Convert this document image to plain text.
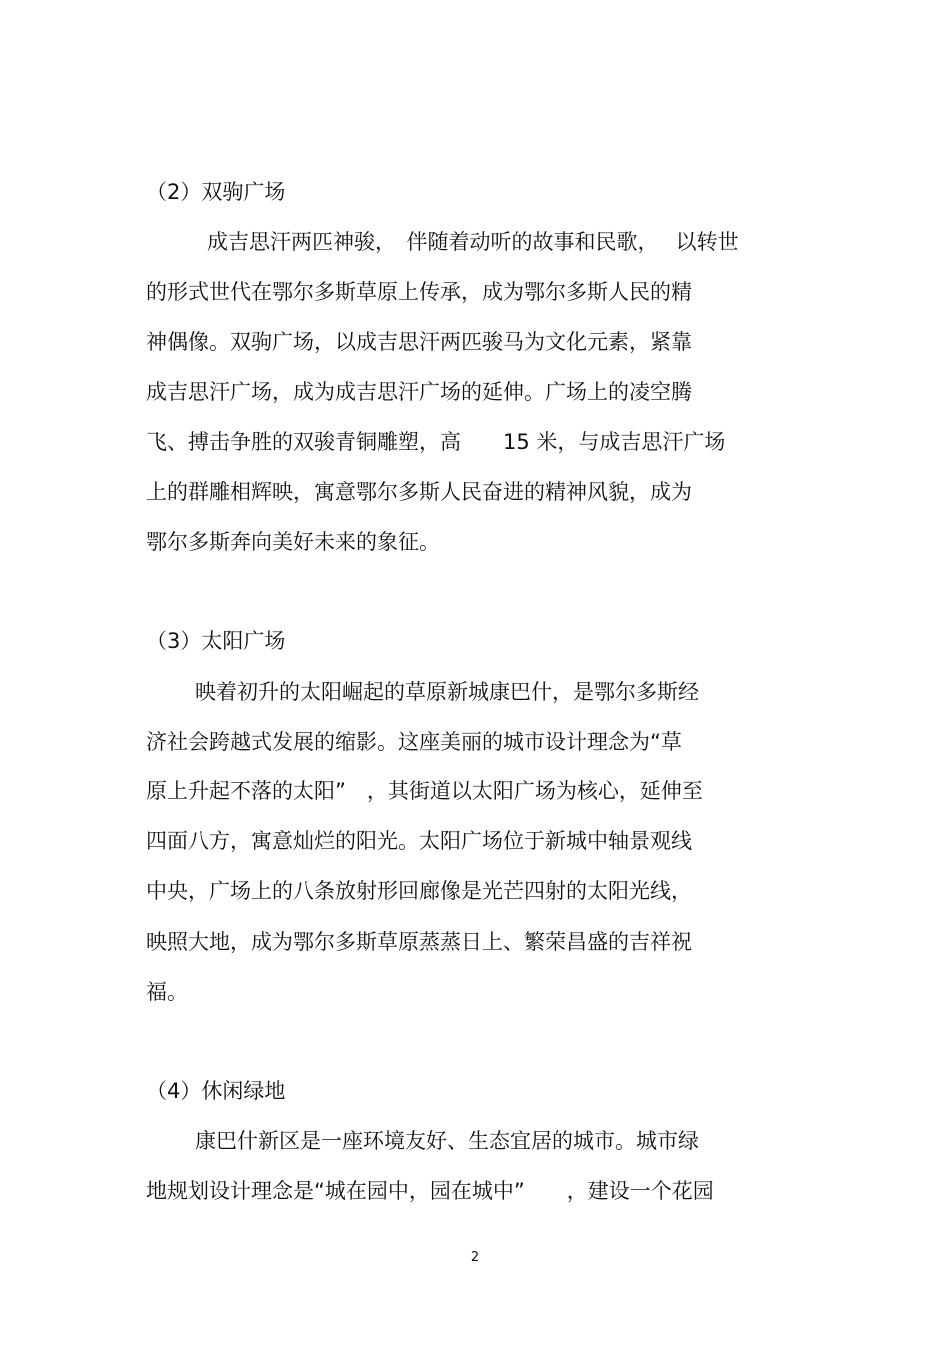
（2）双驹广场
成吉思汗两匹神骏，　伴随着动听的故事和民歌，　 以转世
的形式世代在鄂尔多斯草原上传承，成为鄂尔多斯人民的精
神偶像。双驹广场，以成吉思汗两匹骏马为文化元素，紧靠
成吉思汗广场，成为成吉思汗广场的延伸。广场上的凌空腾
飞、搏击争胜的双骏青铜雕塑，高　　15 米，与成吉思汗广场
上的群雕相辉映，寓意鄂尔多斯人民奋进的精神风貌，成为
鄂尔多斯奔向美好未来的象征。
（3）太阳广场
映着初升的太阳崛起的草原新城康巴什，是鄂尔多斯经
济社会跨越式发展的缩影。这座美丽的城市设计理念为“草
原上升起不落的太阳”　，其街道以太阳广场为核心，延伸至
四面八方，寓意灿烂的阳光。太阳广场位于新城中轴景观线
中央，广场上的八条放射形回廊像是光芒四射的太阳光线，
映照大地，成为鄂尔多斯草原蒸蒸日上、繁荣昌盛的吉祥祝
福。
（4）休闲绿地
康巴什新区是一座环境友好、生态宜居的城市。城市绿
地规划设计理念是“城在园中，园在城中”　　，建设一个花园
2
